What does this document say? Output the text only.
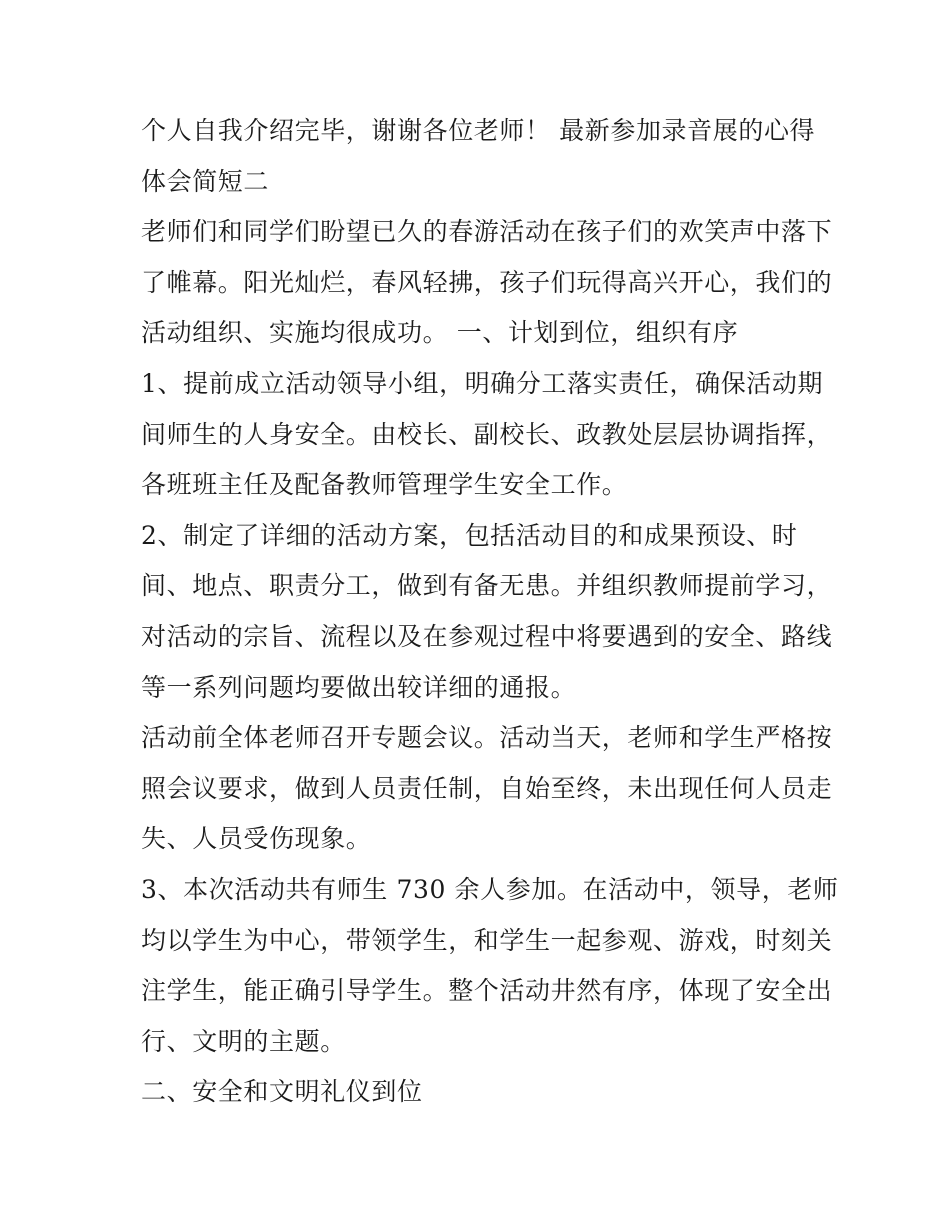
个人自我介绍完毕，谢谢各位老师！ 最新参加录音展的心得
体会简短二
老师们和同学们盼望已久的春游活动在孩子们的欢笑声中落下
了帷幕。阳光灿烂，春风轻拂，孩子们玩得高兴开心，我们的
活动组织、实施均很成功。 一、计划到位，组织有序
1、提前成立活动领导小组，明确分工落实责任，确保活动期
间师生的人身安全。由校长、副校长、政教处层层协调指挥，
各班班主任及配备教师管理学生安全工作。
2、制定了详细的活动方案，包括活动目的和成果预设、时
间、地点、职责分工，做到有备无患。并组织教师提前学习，
对活动的宗旨、流程以及在参观过程中将要遇到的安全、路线
等一系列问题均要做出较详细的通报。
活动前全体老师召开专题会议。活动当天，老师和学生严格按
照会议要求，做到人员责任制，自始至终，未出现任何人员走
失、人员受伤现象。
3、本次活动共有师生 730 余人参加。在活动中，领导，老师
均以学生为中心，带领学生，和学生一起参观、游戏，时刻关
注学生，能正确引导学生。整个活动井然有序，体现了安全出
行、文明的主题。
二、安全和文明礼仪到位
